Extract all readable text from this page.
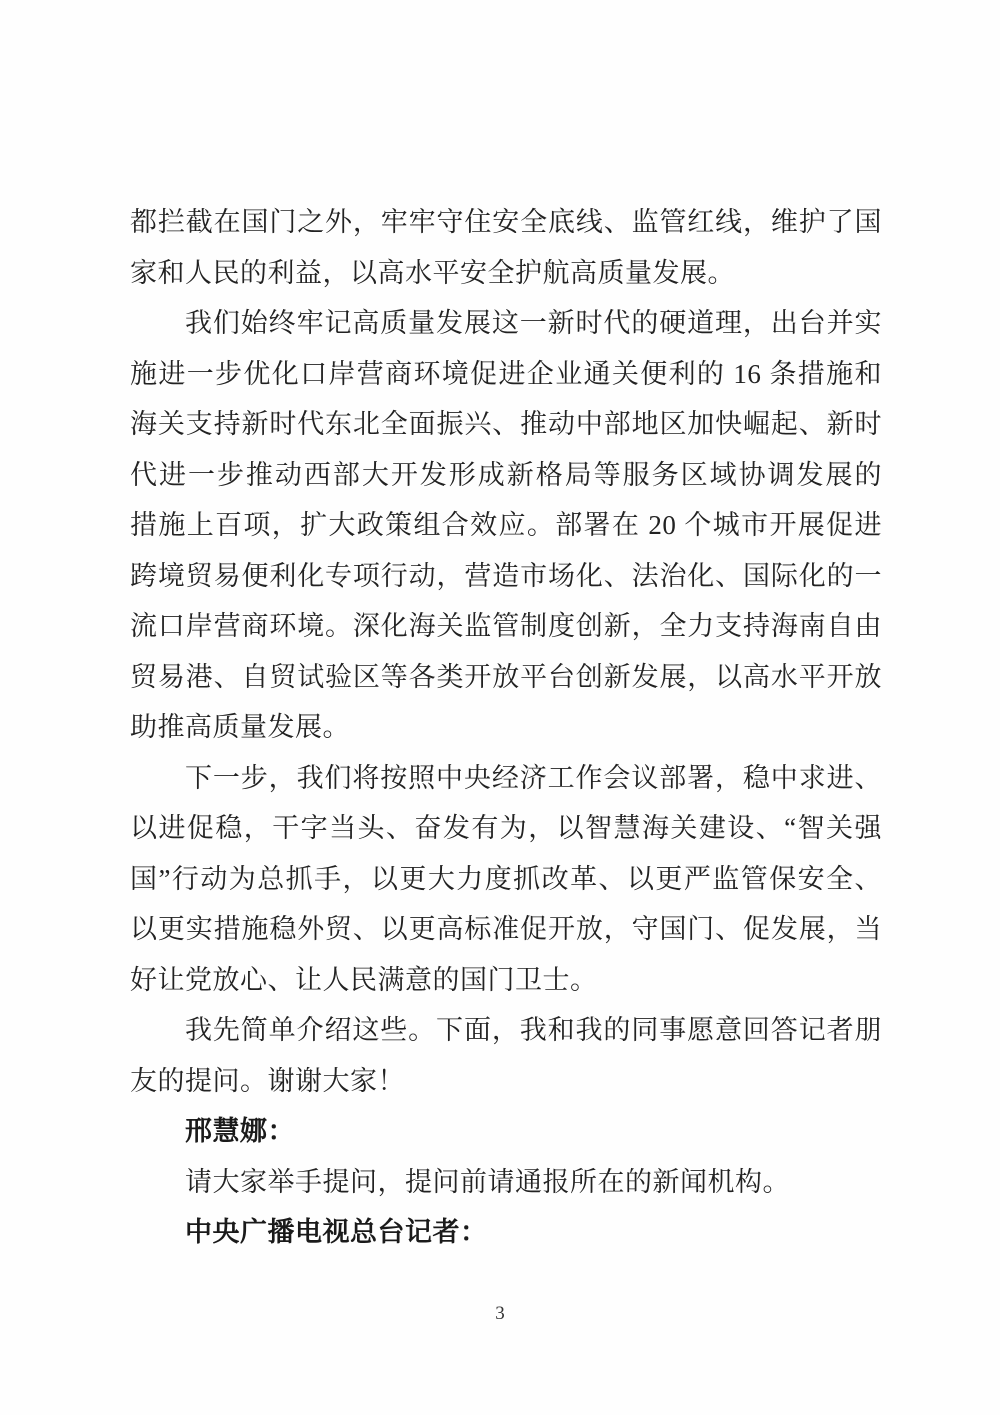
都拦截在国门之外，牢牢守住安全底线、监管红线，维护了国
家和人民的利益，以高水平安全护航高质量发展。
我们始终牢记高质量发展这一新时代的硬道理，出台并实
施进一步优化口岸营商环境促进企业通关便利的 16 条措施和
海关支持新时代东北全面振兴、推动中部地区加快崛起、新时
代进一步推动西部大开发形成新格局等服务区域协调发展的
措施上百项，扩大政策组合效应。部署在 20 个城市开展促进
跨境贸易便利化专项行动，营造市场化、法治化、国际化的一
流口岸营商环境。深化海关监管制度创新，全力支持海南自由
贸易港、自贸试验区等各类开放平台创新发展，以高水平开放
助推高质量发展。
下一步，我们将按照中央经济工作会议部署，稳中求进、
以进促稳，干字当头、奋发有为，以智慧海关建设、“智关强
国”行动为总抓手，以更大力度抓改革、以更严监管保安全、
以更实措施稳外贸、以更高标准促开放，守国门、促发展，当
好让党放心、让人民满意的国门卫士。
我先简单介绍这些。下面，我和我的同事愿意回答记者朋
友的提问。谢谢大家！
邢慧娜：
请大家举手提问，提问前请通报所在的新闻机构。
中央广播电视总台记者：
3
